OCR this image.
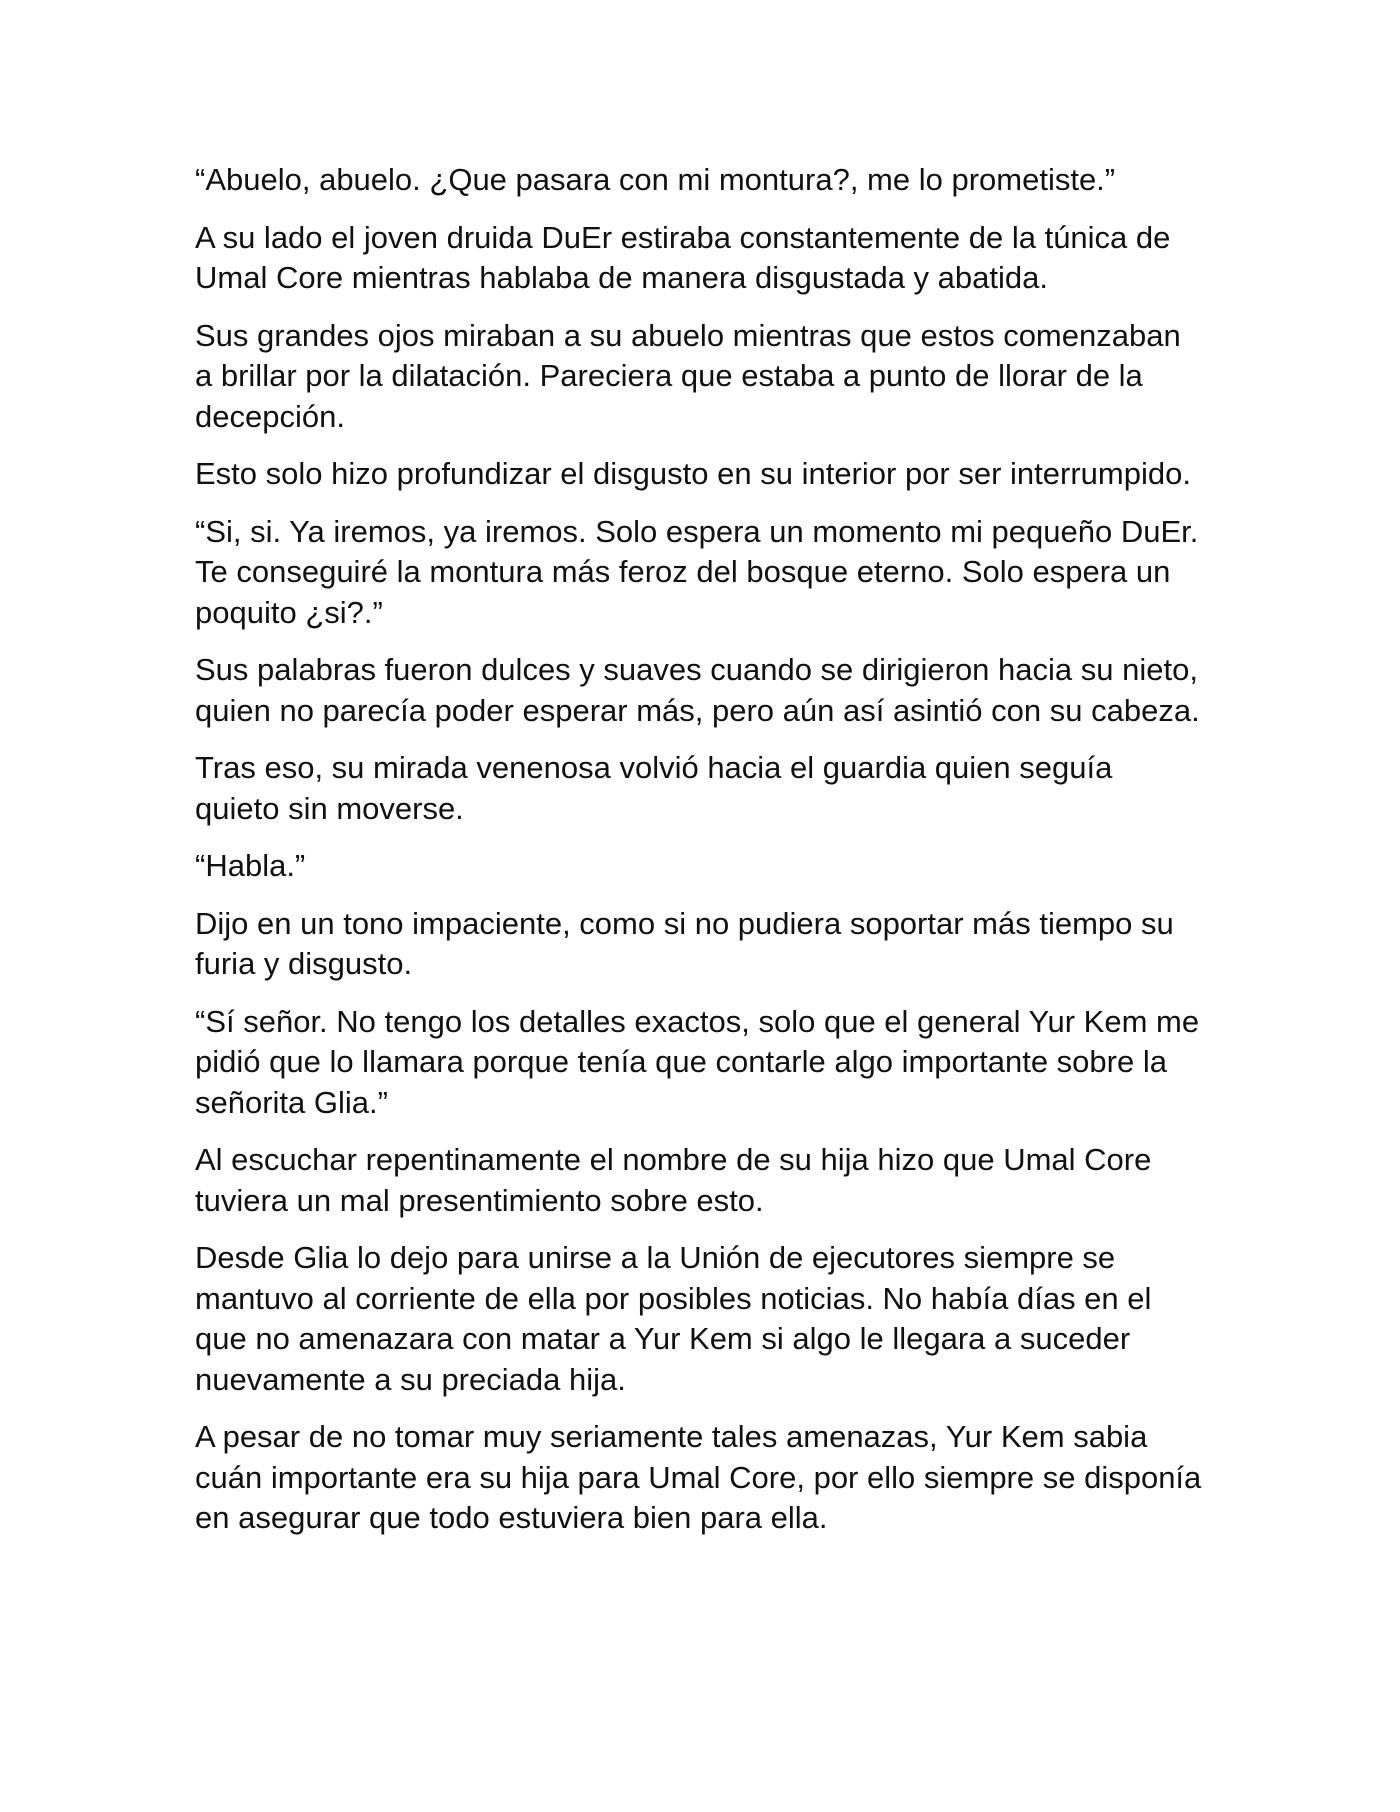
“Abuelo, abuelo. ¿Que pasara con mi montura?, me lo prometiste.”

A su lado el joven druida DuEr estiraba constantemente de la túnica de Umal Core mientras hablaba de manera disgustada y abatida.

Sus grandes ojos miraban a su abuelo mientras que estos comenzaban a brillar por la dilatación. Pareciera que estaba a punto de llorar de la decepción.

Esto solo hizo profundizar el disgusto en su interior por ser interrumpido.

“Si, si. Ya iremos, ya iremos. Solo espera un momento mi pequeño DuEr. Te conseguiré la montura más feroz del bosque eterno. Solo espera un poquito ¿si?.”

Sus palabras fueron dulces y suaves cuando se dirigieron hacia su nieto, quien no parecía poder esperar más, pero aún así asintió con su cabeza.

Tras eso, su mirada venenosa volvió hacia el guardia quien seguía quieto sin moverse.

“Habla.”

Dijo en un tono impaciente, como si no pudiera soportar más tiempo su furia y disgusto.

“Sí señor. No tengo los detalles exactos, solo que el general Yur Kem me pidió que lo llamara porque tenía que contarle algo importante sobre la señorita Glia.”

Al escuchar repentinamente el nombre de su hija hizo que Umal Core tuviera un mal presentimiento sobre esto.

Desde Glia lo dejo para unirse a la Unión de ejecutores siempre se mantuvo al corriente de ella por posibles noticias. No había días en el que no amenazara con matar a Yur Kem si algo le llegara a suceder nuevamente a su preciada hija.

A pesar de no tomar muy seriamente tales amenazas, Yur Kem sabia cuán importante era su hija para Umal Core, por ello siempre se disponía en asegurar que todo estuviera bien para ella.
